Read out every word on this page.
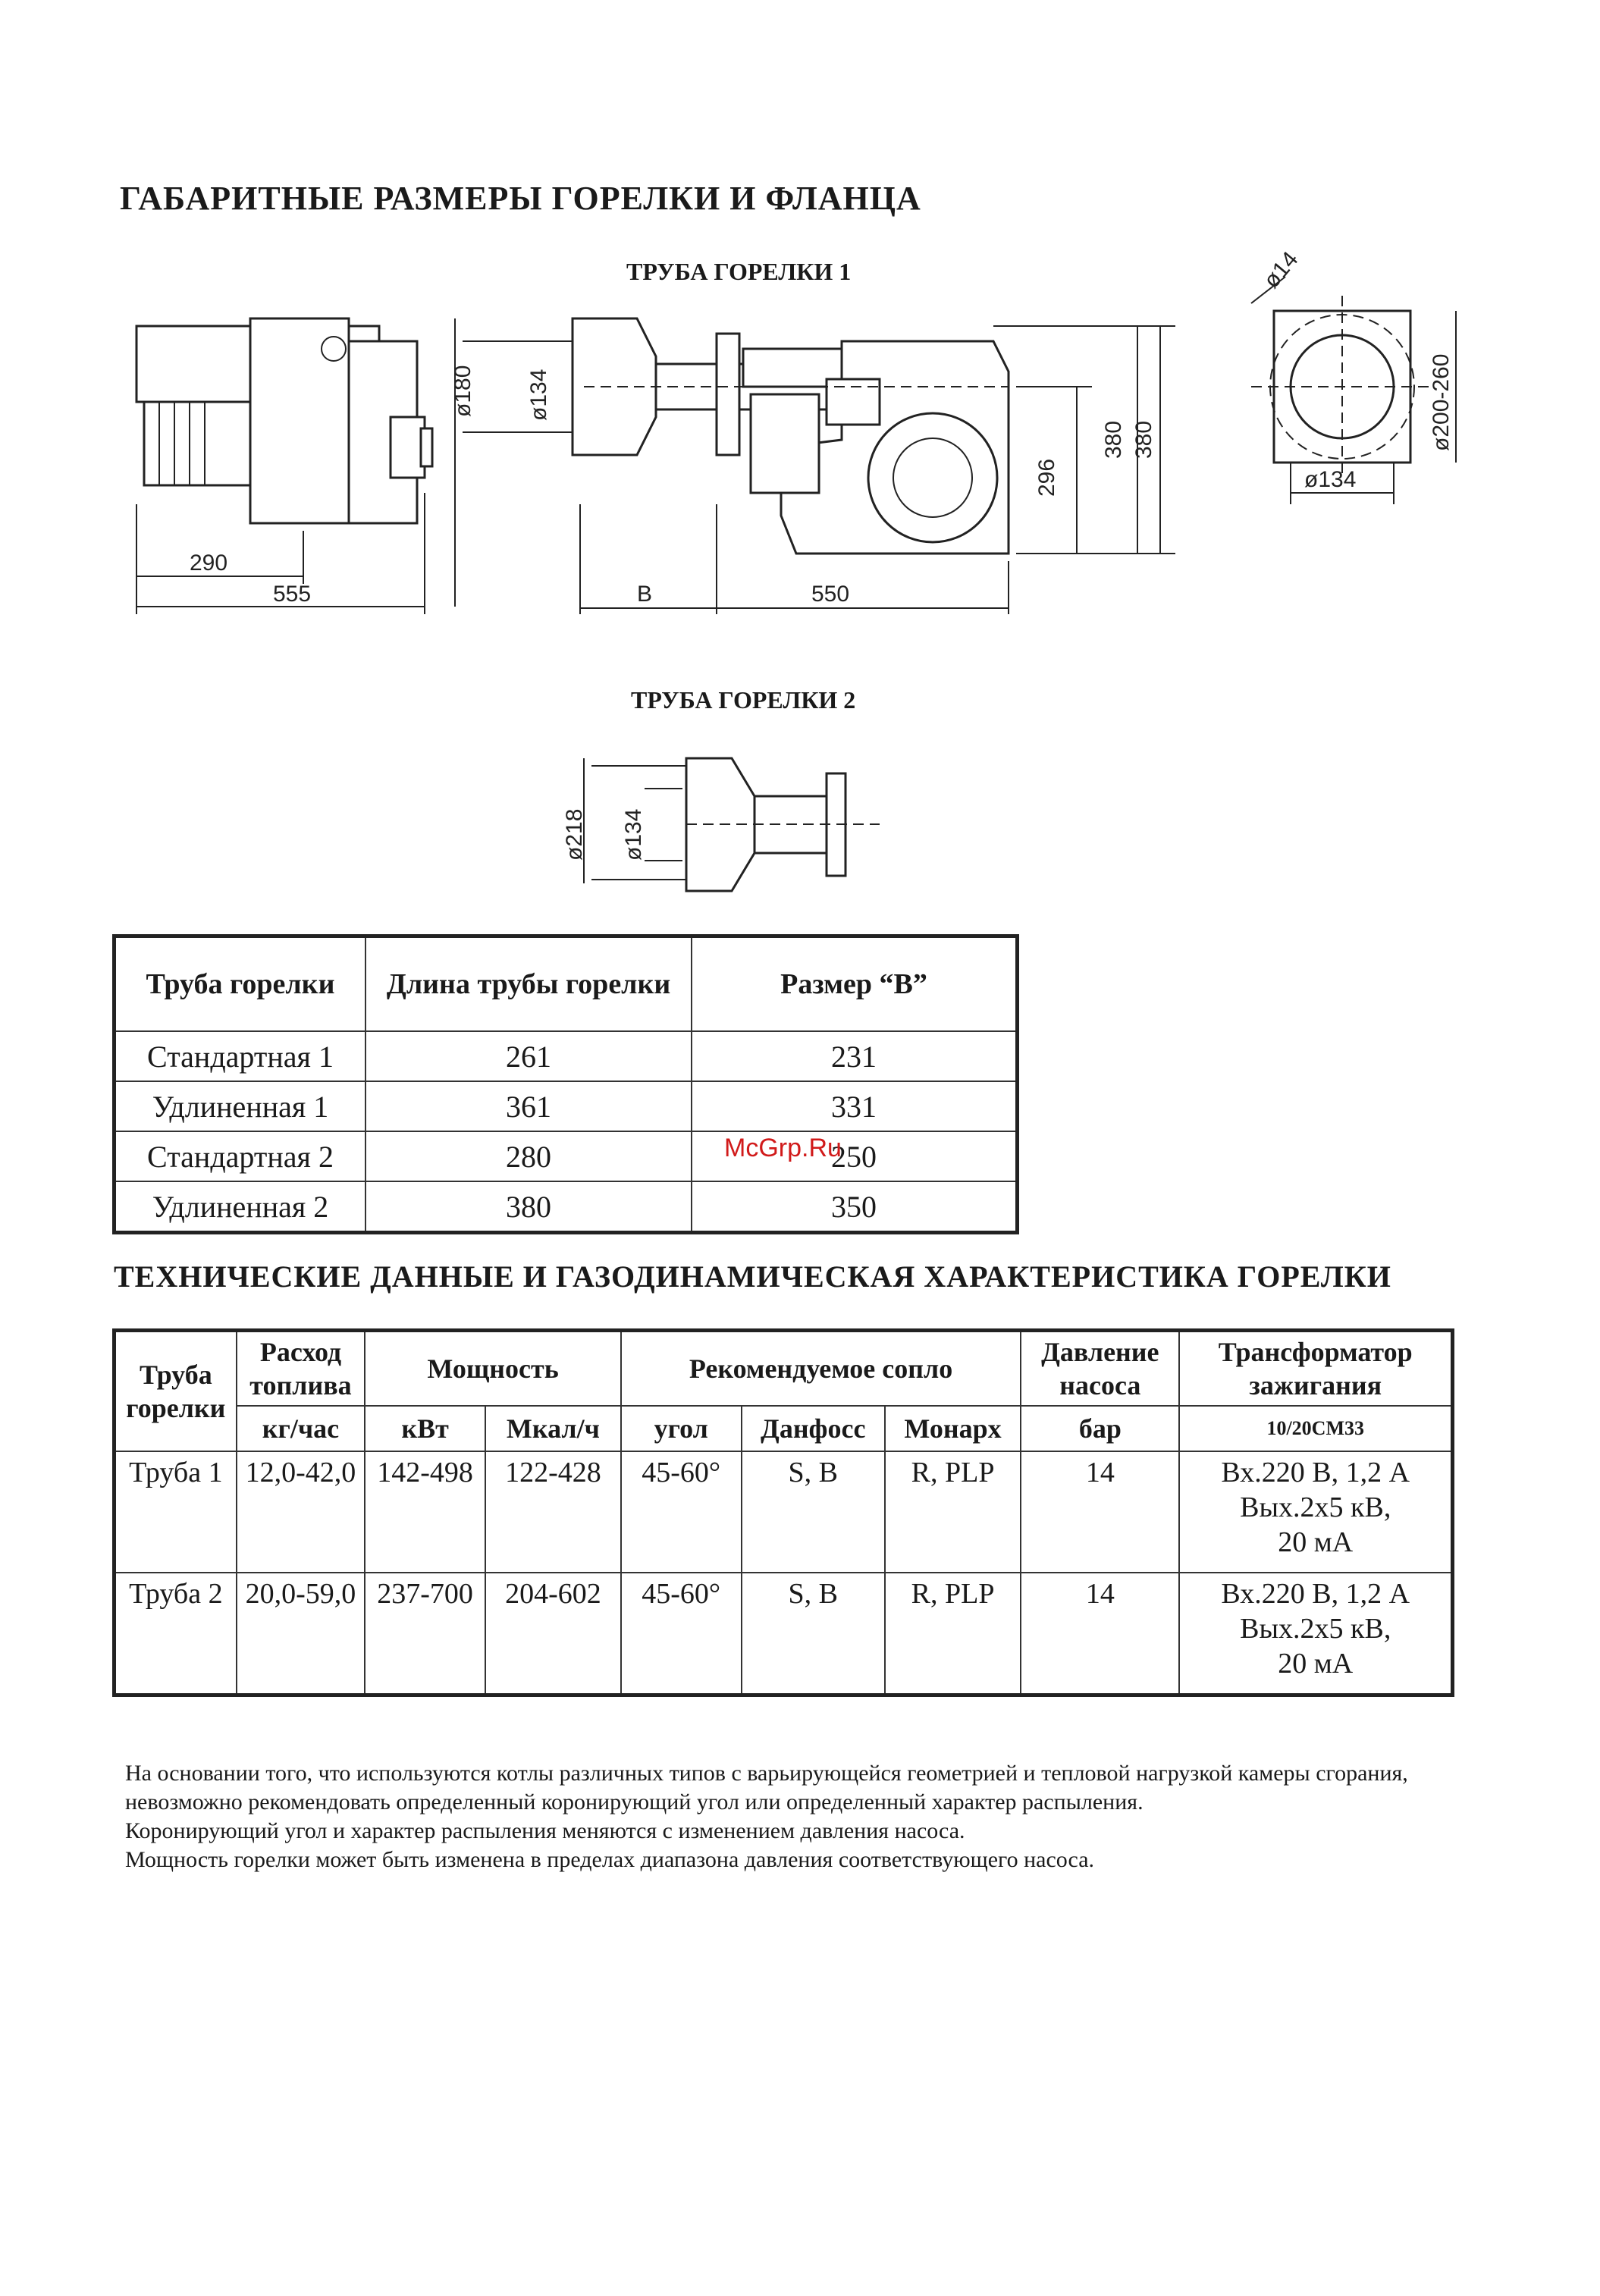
ГАБАРИТНЫЕ РАЗМЕРЫ ГОРЕЛКИ И ФЛАНЦА
ТРУБА ГОРЕЛКИ 1
290
555
ø180 ø134
B	550
296
380 380
ø14
ø200-260
ø134
ТРУБА ГОРЕЛКИ 2
ø218 ø134
Труба горелки	Длина трубы горелки	Размер “B”
Стандартная 1	261	231
Удлиненная 1	361	331
Стандартная 2	280	250
Удлиненная 2	380	350
McGrp.Ru
ТЕХНИЧЕСКИЕ ДАННЫЕ И ГАЗОДИНАМИЧЕСКАЯ ХАРАКТЕРИСТИКА ГОРЕЛКИ
Труба горелки	Расход топлива	Мощность		Рекомендуемое сопло			Давление насоса	Трансформатор зажигания
	кг/час	кВт	Мкал/ч	угол	Данфосс	Монарх	бар	10/20CM33
Труба 1	12,0-42,0	142-498	122-428	45-60°	S, B	R, PLP	14	Вх.220 В, 1,2 А
Вых.2х5 кВ,
20 мА

Труба 2	20,0-59,0	237-700	204-602	45-60°	S, B	R, PLP	14	Вх.220 В, 1,2 А
Вых.2х5 кВ,
20 мА

На основании того, что используются котлы различных типов с варьирующейся геометрией и тепловой нагрузкой камеры сгорания, невозможно рекомендовать определенный коронирующий угол или определенный характер распыления.

Коронирующий угол и характер распыления меняются с изменением давления насоса.

Мощность горелки может быть изменена в пределах диапазона давления соответствующего насоса.
